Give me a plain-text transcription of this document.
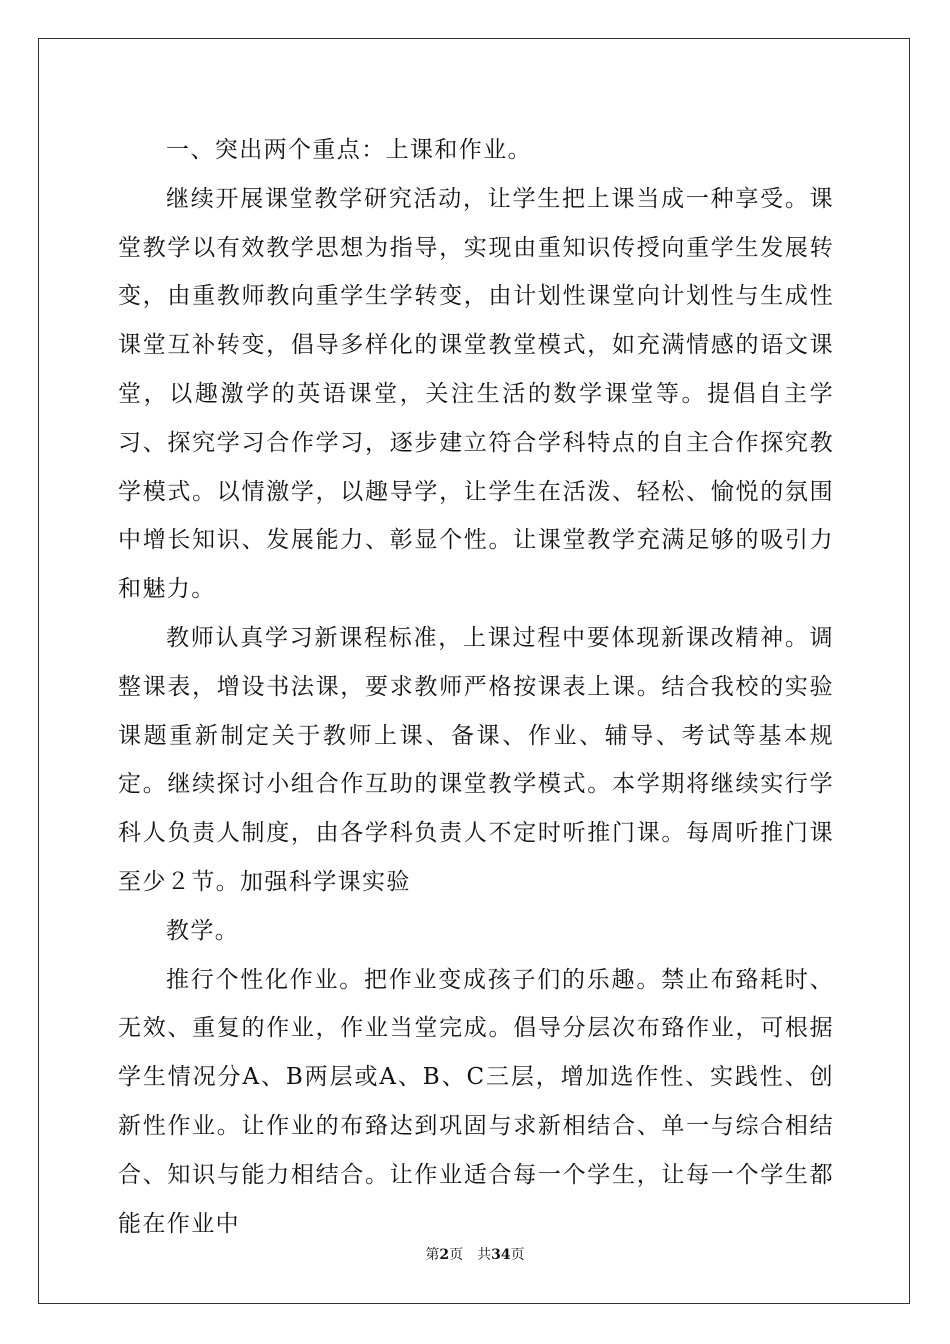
一、突出两个重点：上课和作业。

继续开展课堂教学研究活动，让学生把上课当成一种享受。课堂教学以有效教学思想为指导，实现由重知识传授向重学生发展转变，由重教师教向重学生学转变，由计划性课堂向计划性与生成性课堂互补转变，倡导多样化的课堂教堂模式，如充满情感的语文课堂，以趣激学的英语课堂，关注生活的数学课堂等。提倡自主学习、探究学习合作学习，逐步建立符合学科特点的自主合作探究教学模式。以情激学，以趣导学，让学生在活泼、轻松、愉悦的氛围中增长知识、发展能力、彰显个性。让课堂教学充满足够的吸引力和魅力。

教师认真学习新课程标准，上课过程中要体现新课改精神。调整课表，增设书法课，要求教师严格按课表上课。结合我校的实验课题重新制定关于教师上课、备课、作业、辅导、考试等基本规定。继续探讨小组合作互助的课堂教学模式。本学期将继续实行学科人负责人制度，由各学科负责人不定时听推门课。每周听推门课至少２节。加强科学课实验

教学。

推行个性化作业。把作业变成孩子们的乐趣。禁止布臵耗时、无效、重复的作业，作业当堂完成。倡导分层次布臵作业，可根据学生情况分A、B两层或A、B、C三层，增加选作性、实践性、创新性作业。让作业的布臵达到巩固与求新相结合、单一与综合相结合、知识与能力相结合。让作业适合每一个学生，让每一个学生都能在作业中

第2页 共34页
